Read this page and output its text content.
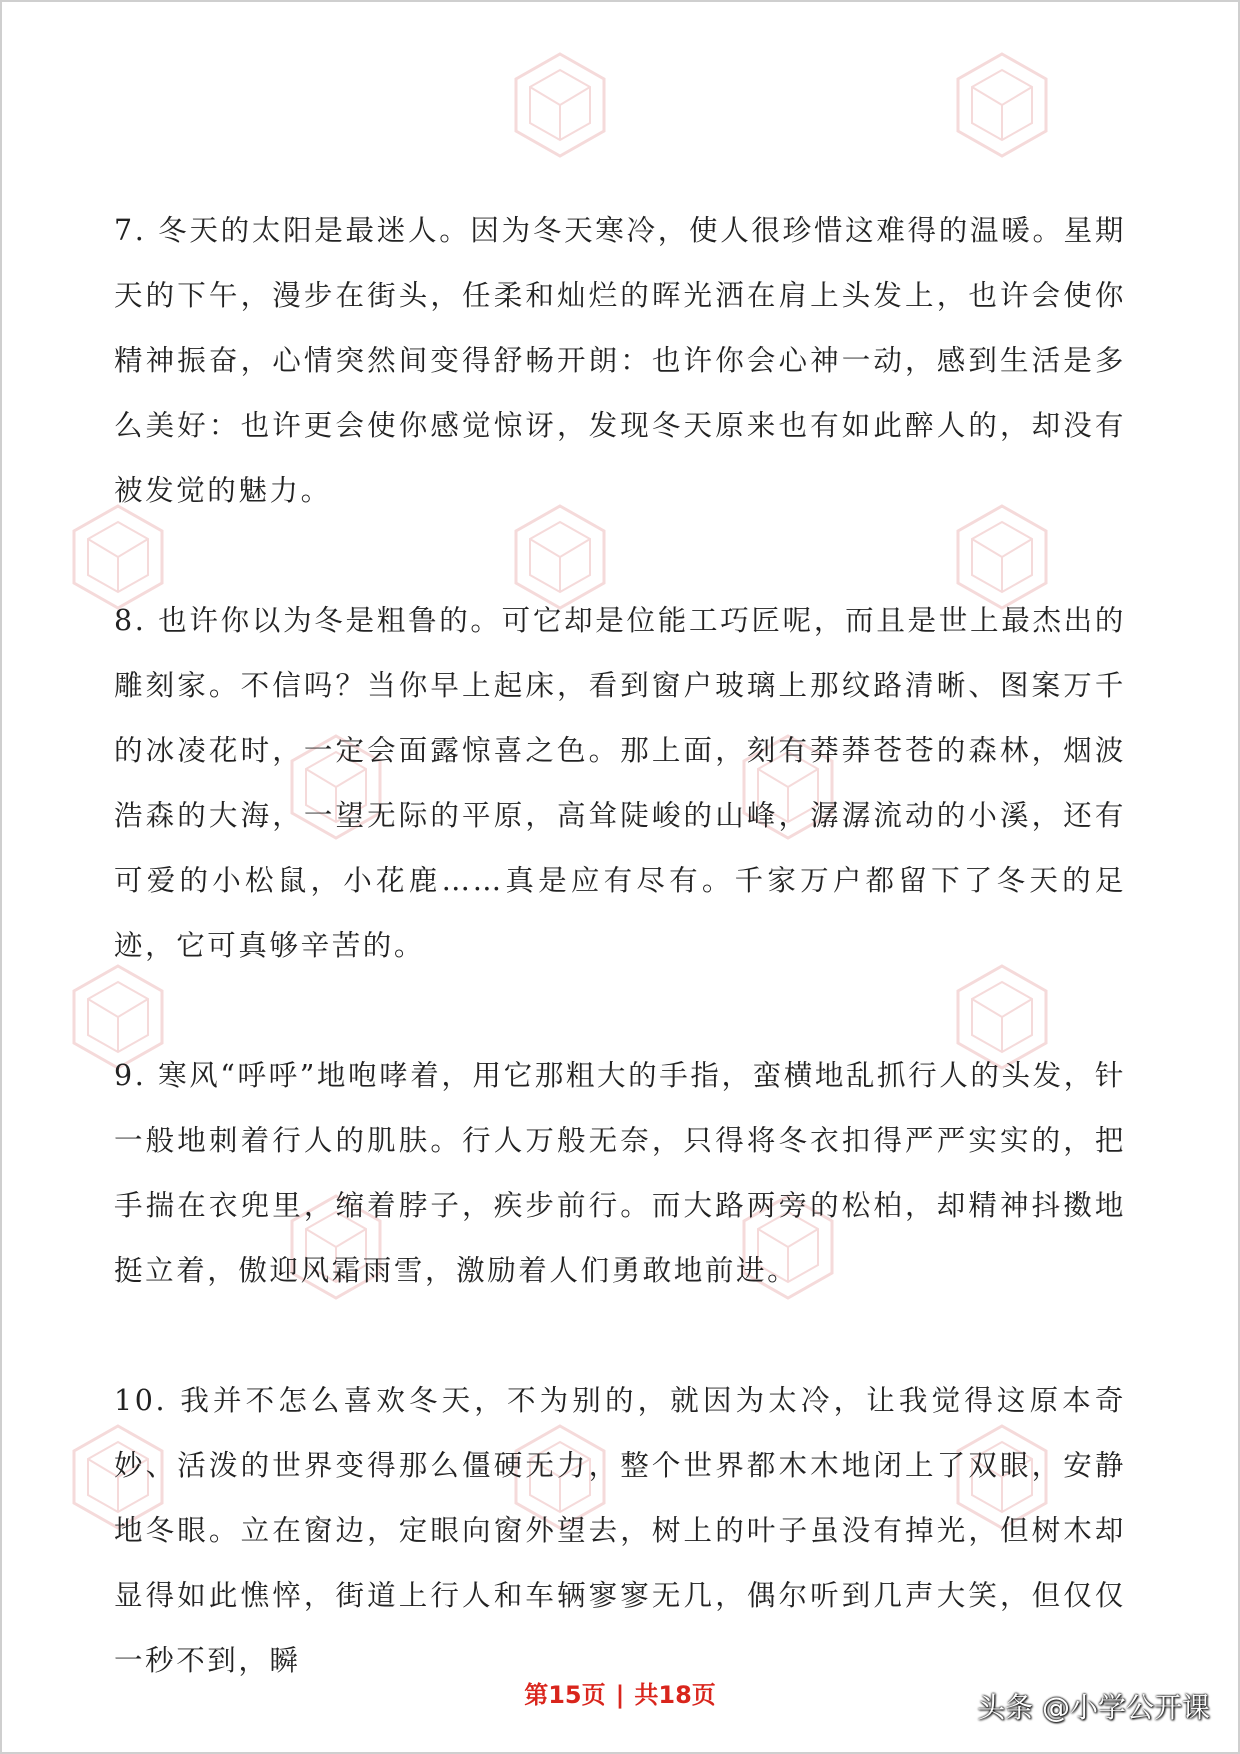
7. 冬天的太阳是最迷人。因为冬天寒冷，使人很珍惜这难得的温暖。星期天的下午，漫步在街头，任柔和灿烂的晖光洒在肩上头发上，也许会使你精神振奋，心情突然间变得舒畅开朗：也许你会心神一动，感到生活是多么美好：也许更会使你感觉惊讶，发现冬天原来也有如此醉人的，却没有被发觉的魅力。

8. 也许你以为冬是粗鲁的。可它却是位能工巧匠呢，而且是世上最杰出的雕刻家。不信吗？当你早上起床，看到窗户玻璃上那纹路清晰、图案万千的冰凌花时，一定会面露惊喜之色。那上面，刻有莽莽苍苍的森林，烟波浩森的大海，一望无际的平原，高耸陡峻的山峰，潺潺流动的小溪，还有可爱的小松鼠，小花鹿……真是应有尽有。千家万户都留下了冬天的足迹，它可真够辛苦的。

9. 寒风“呼呼”地咆哮着，用它那粗大的手指，蛮横地乱抓行人的头发，针一般地刺着行人的肌肤。行人万般无奈，只得将冬衣扣得严严实实的，把手揣在衣兜里，缩着脖子，疾步前行。而大路两旁的松柏，却精神抖擞地挺立着，傲迎风霜雨雪，激励着人们勇敢地前进。

10. 我并不怎么喜欢冬天，不为别的，就因为太冷，让我觉得这原本奇妙、活泼的世界变得那么僵硬无力，整个世界都木木地闭上了双眼，安静地冬眼。立在窗边，定眼向窗外望去，树上的叶子虽没有掉光，但树木却显得如此憔悴，街道上行人和车辆寥寥无几，偶尔听到几声大笑，但仅仅一秒不到，瞬

第15页 | 共18页	头条 @小学公开课
